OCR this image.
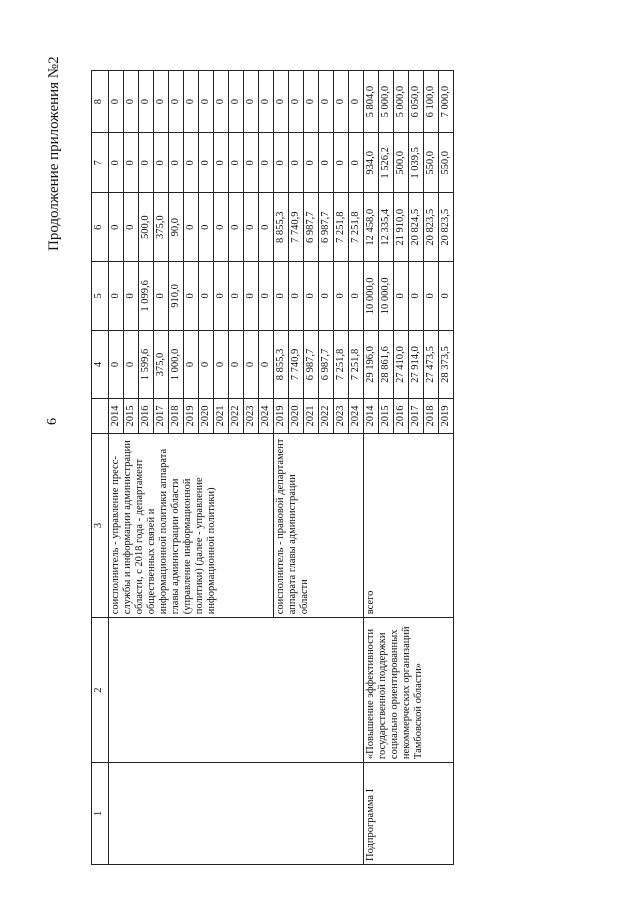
6
Продолжение приложения №2
1	2	3		4	5	6	7	8
		соисполнитель - управление пресс-службы и информации администрации области, с 2018 года - департамент общественных связей и информационной политики аппарата главы администрации области (управление информационной политики) (далее - управление информационной политики)	2014	0	0	0	0	0
			2015	0	0	0	0	0
			2016	1 599,6	1 099,6	500,0	0	0
			2017	375,0	0	375,0	0	0
			2018	1 000,0	910,0	90,0	0	0
			2019	0	0	0	0	0
			2020	0	0	0	0	0
			2021	0	0	0	0	0
			2022	0	0	0	0	0
			2023	0	0	0	0	0
			2024	0	0	0	0	0
		соисполнитель - правовой департамент аппарата главы администрации области	2019	8 855,3	0	8 855,3	0	0
			2020	7 740,9	0	7 740,9	0	0
			2021	6 987,7	0	6 987,7	0	0
			2022	6 987,7	0	6 987,7	0	0
			2023	7 251,8	0	7 251,8	0	0
			2024	7 251,8	0	7 251,8	0	0
Подпрограмма I	«Повышение эффективности государственной поддержки социально ориентированных некоммерческих организаций Тамбовской области»	всего	2014	29 196,0	10 000,0	12 458,0	934,0	5 804,0
			2015	28 861,6	10 000,0	12 335,4	1 526,2	5 000,0
			2016	27 410,0	0	21 910,0	500,0	5 000,0
			2017	27 914,0	0	20 824,5	1 039,5	6 050,0
			2018	27 473,5	0	20 823,5	550,0	6 100,0
			2019	28 373,5	0	20 823,5	550,0	7 000,0
